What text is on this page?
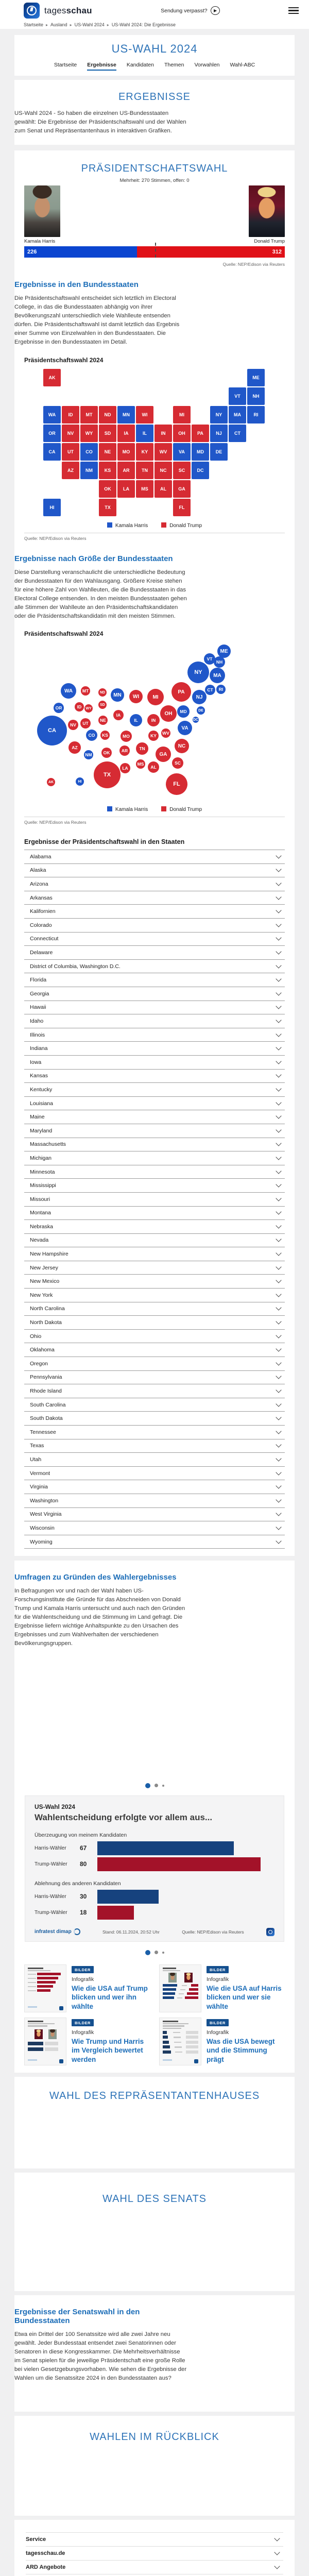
tagesschau	Sendung verpasst?	▶
Startseite ▸ Ausland ▸ US-Wahl 2024 ▸ US-Wahl 2024: Die Ergebnisse
US-WAHL 2024
Startseite Ergebnisse Kandidaten Themen Vorwahlen Wahl-ABC
ERGEBNISSE

US-Wahl 2024 - So haben die einzelnen US-Bundesstaaten gewählt: Die Ergebnisse der Präsidentschaftswahl und der Wahlen zum Senat und Repräsentantenhaus in interaktiven Grafiken.

PRÄSIDENTSCHAFTSWAHL
Mehrheit: 270 Stimmen, offen: 0
Kamala Harris	Donald Trump
226	312
Quelle: NEP/Edison via Reuters
Ergebnisse in den Bundesstaaten

Die Präsidentschaftswahl entscheidet sich letztlich im Electoral College, in das die Bundesstaaten abhängig von ihrer Bevölkerungszahl unterschiedlich viele Wahlleute entsenden dürfen. Die Präsidentschaftswahl ist damit letztlich das Ergebnis einer Summe von Einzelwahlen in den Bundesstaaten. Die Ergebnisse in den Bundesstaaten im Detail.

Präsidentschaftswahl 2024
AK	ME
VT	NH
WA	ID	MT	ND	MN	WI	MI	NY	MA	RI
OR	NV	WY	SD	IA	IL	IN	OH	PA	NJ	CT
CA	UT	CO	NE	MO	KY	WV	VA	MD	DE
AZ	NM	KS	AR	TN	NC	SC	DC
OK	LA	MS	AL	GA
HI	TX	FL
Kamala Harris	Donald Trump
Quelle: NEP/Edison via Reuters
Ergebnisse nach Größe der Bundesstaaten

Diese Darstellung veranschaulicht die unterschiedliche Bedeutung der Bundesstaaten für den Wahlausgang. Größere Kreise stehen für eine höhere Zahl von Wahlleuten, die die Bundesstaaten in das Electoral College entsenden. In den meisten Bundesstaaten gehen alle Stimmen der Wahlleute an den Präsidentschaftskandidaten oder die Präsidentschaftskandidatin mit den meisten Stimmen.

Präsidentschaftswahl 2024
ME
VT
NH
NY	MA
WA	MT	ND	MN	WI	MI
PA
NJ
CT	RI
OR	ID	WY
SD
IA
IL	IN
OH	MD	DE
DC
NV	UT
NE
CA
CO	KS	MO	KY	WV
VA
AZ
NM	OK	AR	TN	NC
GA
SC
MS
AL
LA
TX
AK	HI	FL
Kamala Harris	Donald Trump
Quelle: NEP/Edison via Reuters
Ergebnisse der Präsidentschaftswahl in den Staaten
Alabama
Alaska
Arizona
Arkansas
Kalifornien
Colorado
Connecticut
Delaware
District of Columbia, Washington D.C.
Florida
Georgia
Hawaii
Idaho
Illinois
Indiana
Iowa
Kansas
Kentucky
Louisiana
Maine
Maryland
Massachusetts
Michigan
Minnesota
Mississippi
Missouri
Montana
Nebraska
Nevada
New Hampshire
New Jersey
New Mexico
New York
North Carolina
North Dakota
Ohio
Oklahoma
Oregon
Pennsylvania
Rhode Island
South Carolina
South Dakota
Tennessee
Texas
Utah
Vermont
Virginia
Washington
West Virginia
Wisconsin
Wyoming
Umfragen zu Gründen des Wahlergebnisses

In Befragungen vor und nach der Wahl haben US-Forschungsinstitute die Gründe für das Abschneiden von Donald Trump und Kamala Harris untersucht und auch nach den Gründen für die Wahlentscheidung und die Stimmung im Land gefragt. Die Ergebnisse liefern wichtige Anhaltspunkte zu den Ursachen des Ergebnisses und zum Wahlverhalten der verschiedenen Bevölkerungsgruppen.

US-Wahl 2024
Wahlentscheidung erfolgte vor allem aus...
Überzeugung von meinem Kandidaten
Harris-Wähler	67
Trump-Wähler	80
Ablehnung des anderen Kandidaten
Harris-Wähler	30
Trump-Wähler	18
infratest dimap	Stand: 06.11.2024, 20:52 Uhr	Quelle: NEP/Edison via Reuters
BILDER
Infografik
Wie die USA auf Trump blicken und wer ihn wählte
BILDER
Infografik
Wie die USA auf Harris blicken und wer sie wählte
BILDER
Infografik
Wie Trump und Harris im Vergleich bewertet werden
BILDER
Infografik
Was die USA bewegt und die Stimmung prägt
WAHL DES REPRÄSENTANTENHAUSES
WAHL DES SENATS
Ergebnisse der Senatswahl in den Bundesstaaten

Etwa ein Drittel der 100 Senatssitze wird alle zwei Jahre neu gewählt. Jeder Bundesstaat entsendet zwei Senatorinnen oder Senatoren in diese Kongresskammer. Die Mehrheitsverhältnisse im Senat spielen für die jeweilige Präsidentschaft eine große Rolle bei vielen Gesetzgebungsvorhaben. Wie sehen die Ergebnisse der Wahlen um die Senatssitze 2024 in den Bundesstaaten aus?

WAHLEN IM RÜCKBLICK
Service
tagesschau.de
ARD Angebote
